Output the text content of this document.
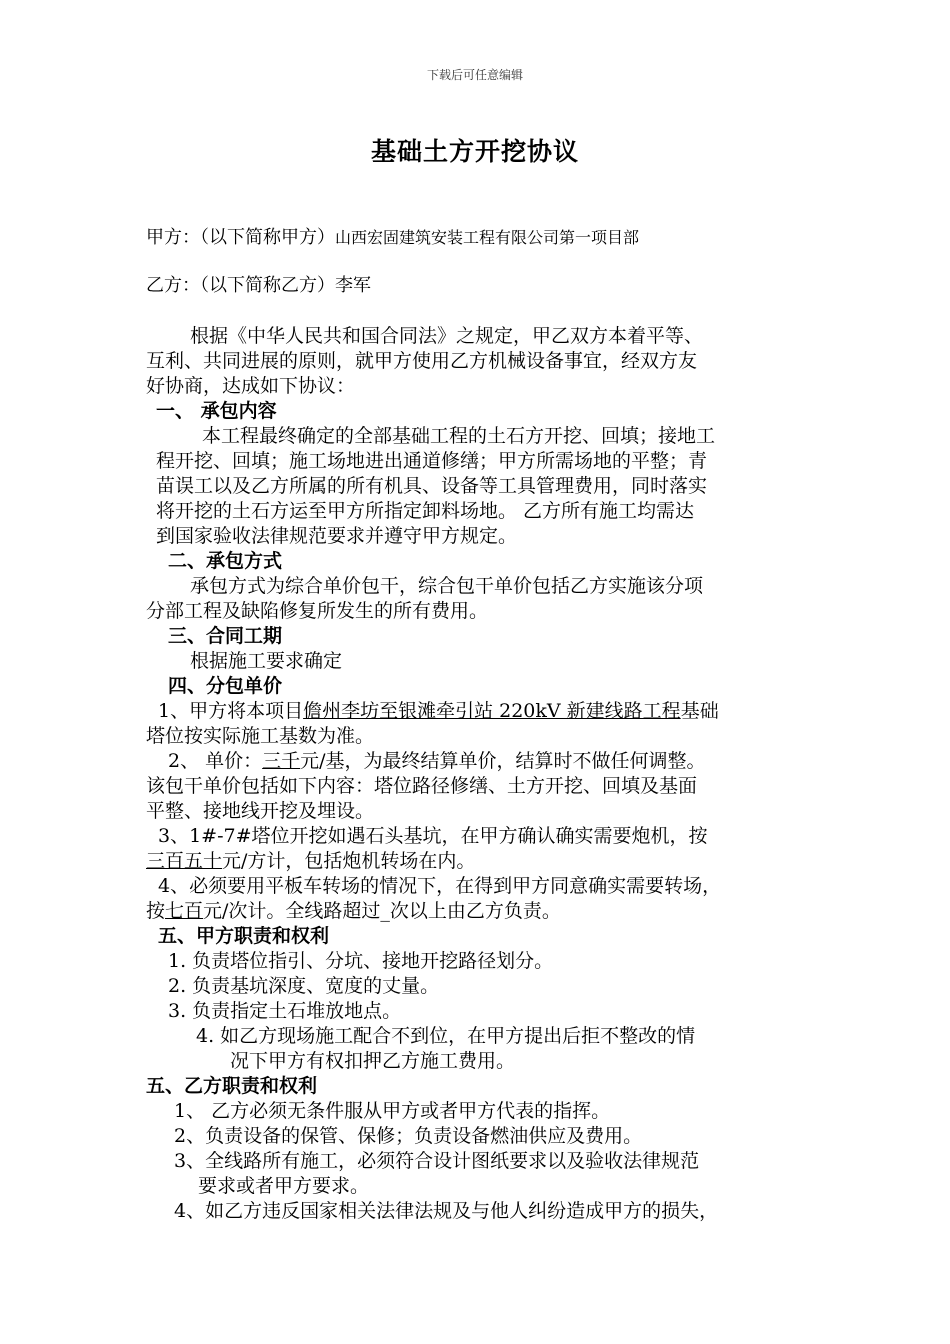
下载后可任意编辑
基础土方开挖协议
甲方：（以下简称甲方）山西宏固建筑安装工程有限公司第一项目部
乙方：（以下简称乙方）李军
根据《中华人民共和国合同法》之规定，甲乙双方本着平等、
互利、共同进展的原则，就甲方使用乙方机械设备事宜，经双方友
好协商，达成如下协议：
一、 承包内容
本工程最终确定的全部基础工程的土石方开挖、回填；接地工
程开挖、回填；施工场地进出通道修缮；甲方所需场地的平整；青
苗误工以及乙方所属的所有机具、设备等工具管理费用，同时落实
将开挖的土石方运至甲方所指定卸料场地。 乙方所有施工均需达
到国家验收法律规范要求并遵守甲方规定。
二、承包方式
承包方式为综合单价包干，综合包干单价包括乙方实施该分项
分部工程及缺陷修复所发生的所有费用。
三、合同工期
根据施工要求确定
四、分包单价
1、甲方将本项目儋州李坊至银滩牵引站 220kV 新建线路工程基础
塔位按实际施工基数为准。
2、 单价：三千元/基，为最终结算单价，结算时不做任何调整。
该包干单价包括如下内容：塔位路径修缮、土方开挖、回填及基面
平整、接地线开挖及埋设。
3、1#-7#塔位开挖如遇石头基坑，在甲方确认确实需要炮机，按
三百五十元/方计，包括炮机转场在内。
4、必须要用平板车转场的情况下，在得到甲方同意确实需要转场，
按七百元/次计。全线路超过_次以上由乙方负责。
五、甲方职责和权利
1. 负责塔位指引、分坑、接地开挖路径划分。
2. 负责基坑深度、宽度的丈量。
3. 负责指定土石堆放地点。
4. 如乙方现场施工配合不到位，在甲方提出后拒不整改的情
况下甲方有权扣押乙方施工费用。
五、乙方职责和权利
1、 乙方必须无条件服从甲方或者甲方代表的指挥。
2、负责设备的保管、保修；负责设备燃油供应及费用。
3、全线路所有施工，必须符合设计图纸要求以及验收法律规范
要求或者甲方要求。
4、如乙方违反国家相关法律法规及与他人纠纷造成甲方的损失，
